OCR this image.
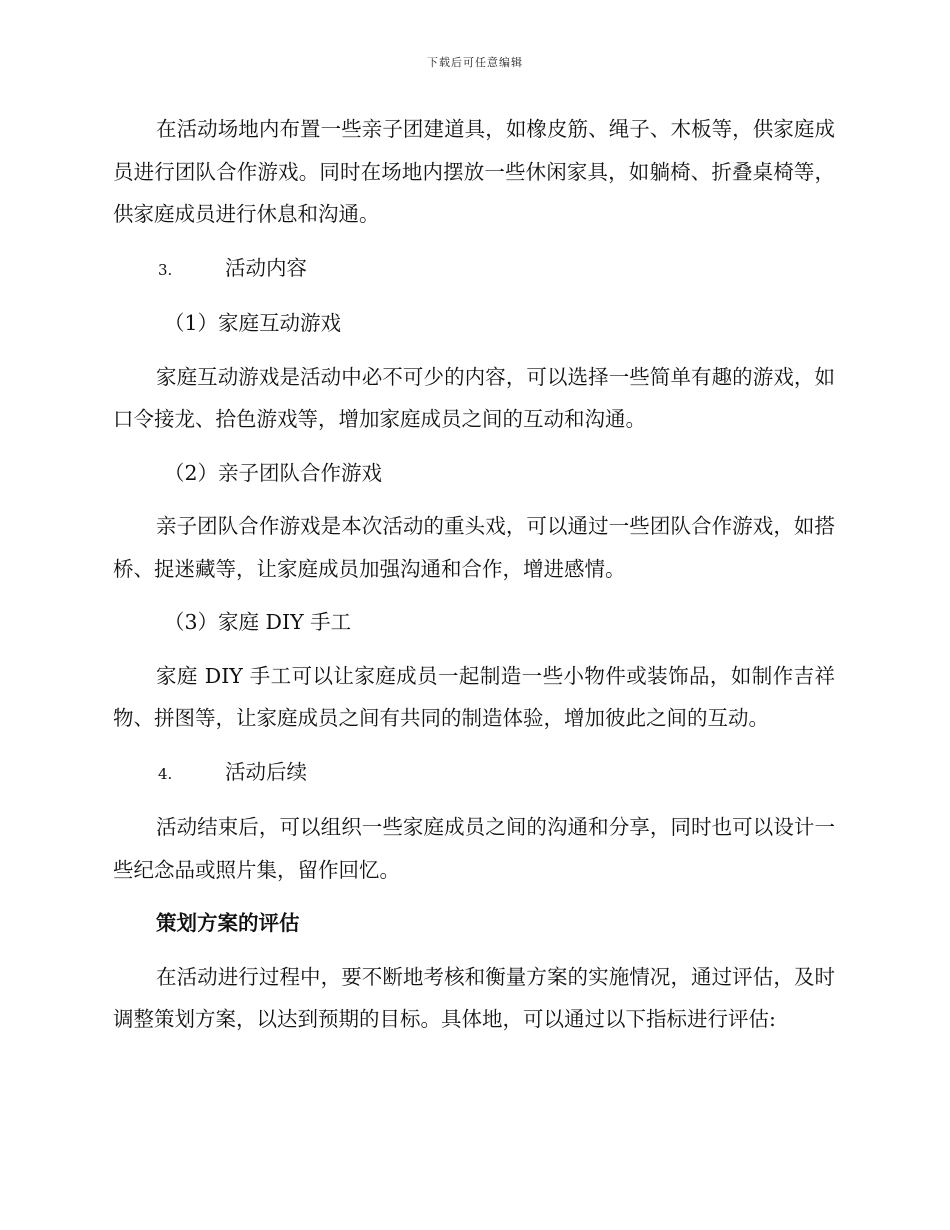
下载后可任意编辑

在活动场地内布置一些亲子团建道具，如橡皮筋、绳子、木板等，供家庭成员进行团队合作游戏。同时在场地内摆放一些休闲家具，如躺椅、折叠桌椅等，供家庭成员进行休息和沟通。

3.	活动内容

（1）家庭互动游戏

家庭互动游戏是活动中必不可少的内容，可以选择一些简单有趣的游戏，如口令接龙、拾色游戏等，增加家庭成员之间的互动和沟通。

（2）亲子团队合作游戏

亲子团队合作游戏是本次活动的重头戏，可以通过一些团队合作游戏，如搭桥、捉迷藏等，让家庭成员加强沟通和合作，增进感情。

（3）家庭 DIY 手工

家庭 DIY 手工可以让家庭成员一起制造一些小物件或装饰品，如制作吉祥物、拼图等，让家庭成员之间有共同的制造体验，增加彼此之间的互动。

4.	活动后续

活动结束后，可以组织一些家庭成员之间的沟通和分享，同时也可以设计一些纪念品或照片集，留作回忆。

策划方案的评估

在活动进行过程中，要不断地考核和衡量方案的实施情况，通过评估，及时调整策划方案，以达到预期的目标。具体地，可以通过以下指标进行评估:
